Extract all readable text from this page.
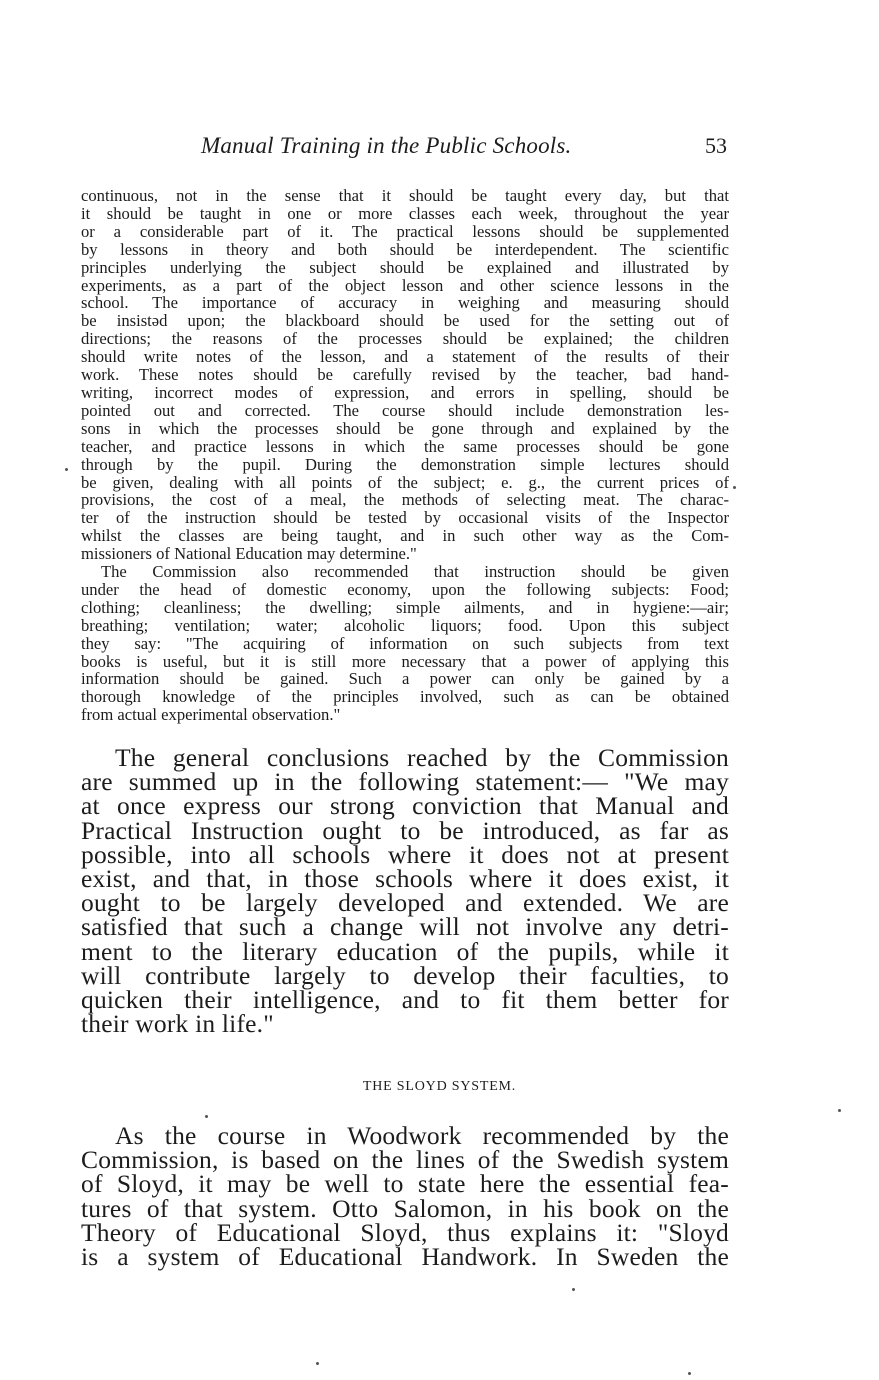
Manual Training in the Public Schools.	53
continuous, not in the sense that it should be taught every day, but that
it should be taught in one or more classes each week, throughout the year
or a considerable part of it. The practical lessons should be supplemented
by lessons in theory and both should be interdependent. The scientific
principles underlying the subject should be explained and illustrated by
experiments, as a part of the object lesson and other science lessons in the
school. The importance of accuracy in weighing and measuring should
be insistəd upon; the blackboard should be used for the setting out of
directions; the reasons of the processes should be explained; the children
should write notes of the lesson, and a statement of the results of their
work. These notes should be carefully revised by the teacher, bad hand-
writing, incorrect modes of expression, and errors in spelling, should be
pointed out and corrected. The course should include demonstration les-
sons in which the processes should be gone through and explained by the
teacher, and practice lessons in which the same processes should be gone
through by the pupil. During the demonstration simple lectures should
be given, dealing with all points of the subject; e. g., the current prices of
provisions, the cost of a meal, the methods of selecting meat. The charac-
ter of the instruction should be tested by occasional visits of the Inspector
whilst the classes are being taught, and in such other way as the Com-
missioners of National Education may determine."
The Commission also recommended that instruction should be given
under the head of domestic economy, upon the following subjects: Food;
clothing; cleanliness; the dwelling; simple ailments, and in hygiene:—air;
breathing; ventilation; water; alcoholic liquors; food. Upon this subject
they say: "The acquiring of information on such subjects from text
books is useful, but it is still more necessary that a power of applying this
information should be gained. Such a power can only be gained by a
thorough knowledge of the principles involved, such as can be obtained
from actual experimental observation."
The general conclusions reached by the Commission
are summed up in the following statement:— "We may
at once express our strong conviction that Manual and
Practical Instruction ought to be introduced, as far as
possible, into all schools where it does not at present
exist, and that, in those schools where it does exist, it
ought to be largely developed and extended. We are
satisfied that such a change will not involve any detri-
ment to the literary education of the pupils, while it
will contribute largely to develop their faculties, to
quicken their intelligence, and to fit them better for
their work in life."
THE SLOYD SYSTEM.
As the course in Woodwork recommended by the
Commission, is based on the lines of the Swedish system
of Sloyd, it may be well to state here the essential fea-
tures of that system. Otto Salomon, in his book on the
Theory of Educational Sloyd, thus explains it: "Sloyd
is a system of Educational Handwork. In Sweden the
